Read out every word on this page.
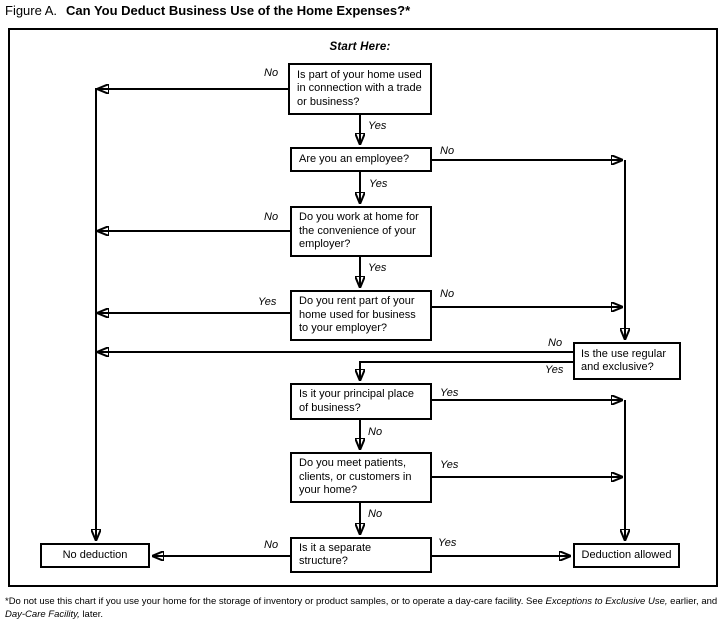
Figure A. Can You Deduct Business Use of the Home Expenses?*
Start Here:
Is part of your home used in connection with a trade or business?
Are you an employee?
Do you work at home for the convenience of your employer?
Do you rent part of your home used for business to your employer?
Is the use regular and exclusive?
Is it your principal place of business?
Do you meet patients, clients, or customers in your home?
Is it a separate structure?
No deduction	Deduction allowed
No
Yes
No
Yes
No
Yes
Yes
No
No
Yes
Yes
No
Yes
No
No	Yes
*Do not use this chart if you use your home for the storage of inventory or product samples, or to operate a day-care facility. See Exceptions to Exclusive Use, earlier, and Day-Care Facility, later.
